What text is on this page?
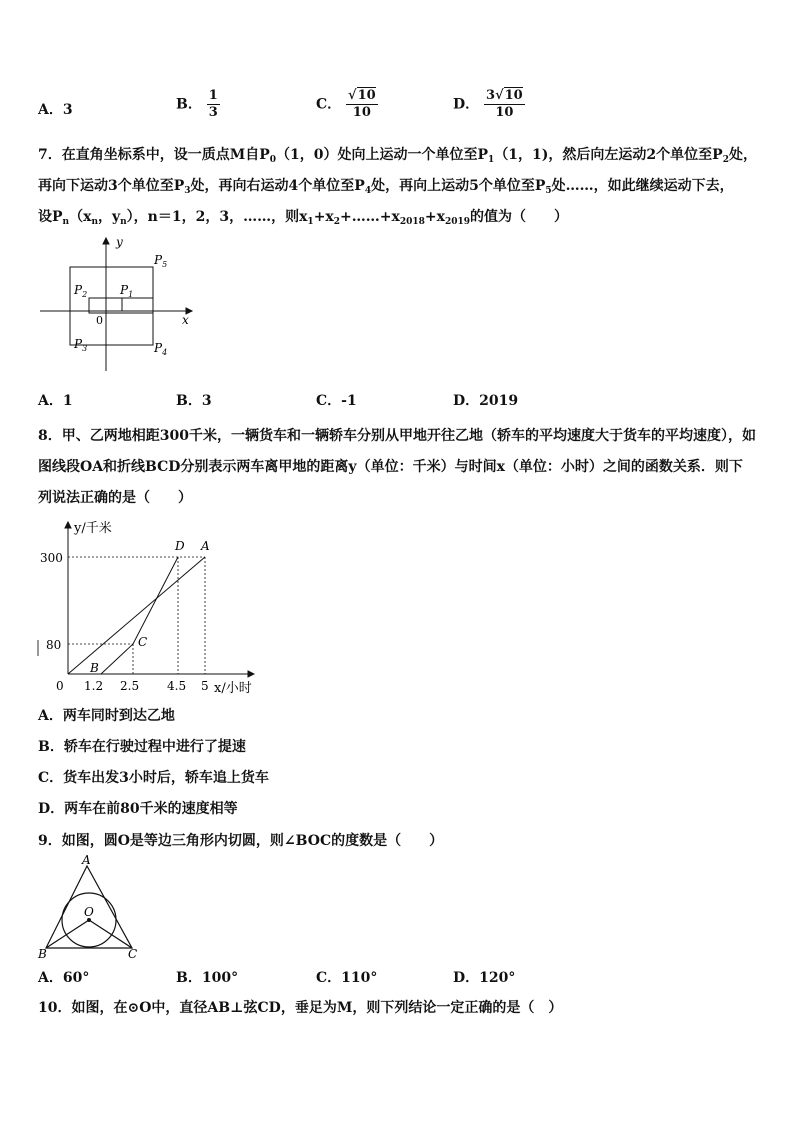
A．3	B． $\frac{1}{3}$	C． $\frac{√10}{10}$	D． $\frac{3√10}{10}$
7．在直角坐标系中，设一质点M自$P_0(1$，0）处向上运动一个单位至$P_1(1$，1)，然后向左运动2个单位至$P_2$处，
再向下运动3个单位至$P_3$处，再向右运动4个单位至$P_4$处，再向上运动5个单位至$P_5$处……，如此继续运动下去，
设$P_n(x_n$，$y_n$），n＝1，2，3，……，则$x_1+x_2+\dots\dots+x_{2018}+x_{2019}$的值为（　　）
y
x
0
$P_5$
$P_1$
$P_2$
$P_3$	$P_4$
A．1	B．3	C．-1	D．2019
8．甲、乙两地相距300千米，一辆货车和一辆轿车分别从甲地开往乙地（轿车的平均速度大于货车的平均速度），如
图线段OA和折线BCD分别表示两车离甲地的距离y（单位：千米）与时间x（单位：小时）之间的函数关系．则下
列说法正确的是（　　）
y/千米
x/小时
300
80
0 1.2 2.5 4.5 5
D A
C
B
A．两车同时到达乙地
B．轿车在行驶过程中进行了提速
C．货车出发3小时后，轿车追上货车
D．两车在前80千米的速度相等
9．如图，圆O是等边三角形内切圆，则∠BOC的度数是（　　）
A
B	C
O
A．60°	B．100°	C．110°	D．120°
10．如图，在⊙O中，直径AB⊥弦CD，垂足为M，则下列结论一定正确的是（　）
